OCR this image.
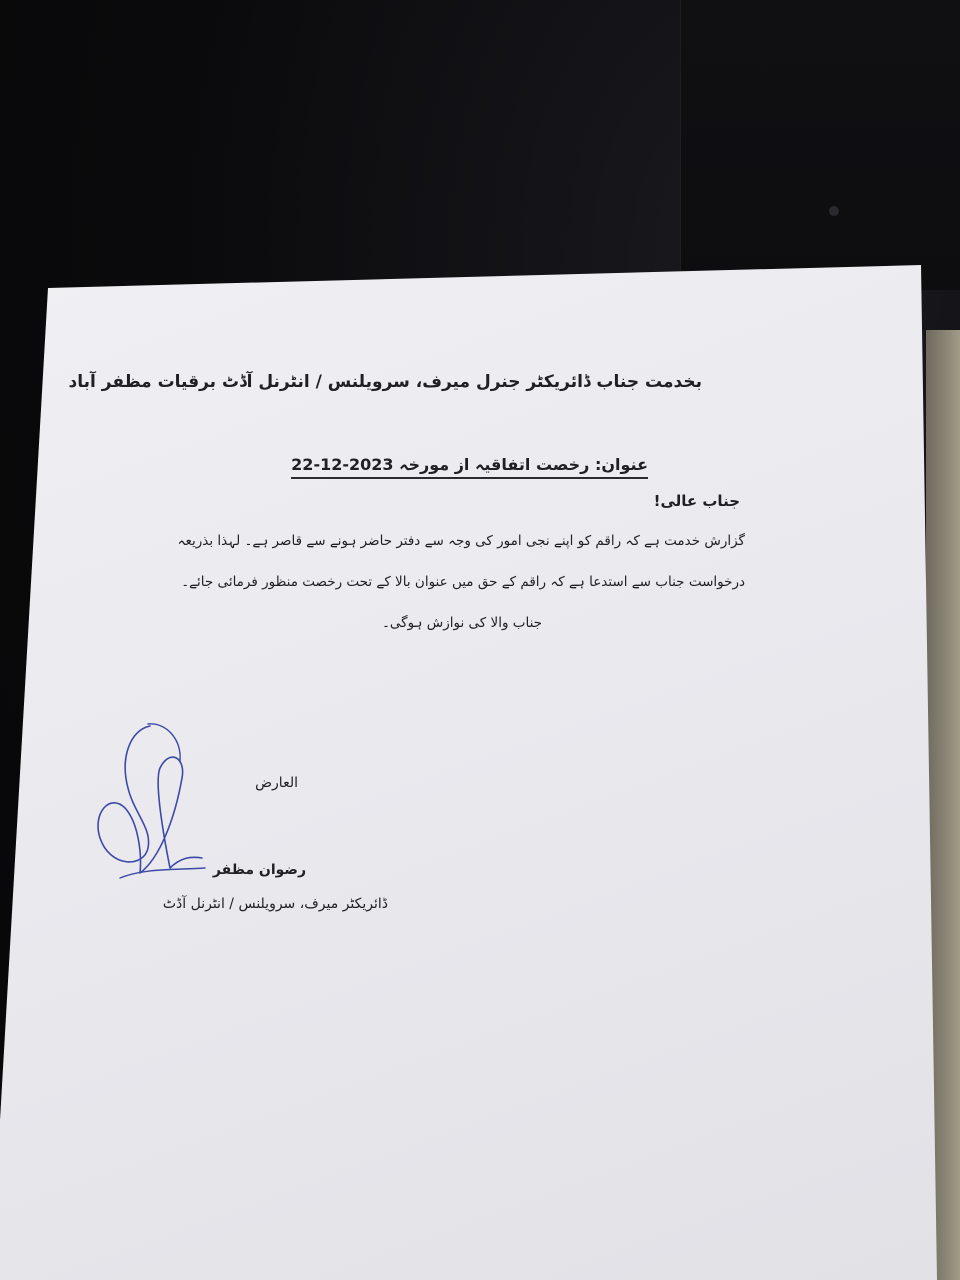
بخدمت جناب ڈائریکٹر جنرل میرف، سرویلنس / انٹرنل آڈٹ برقیات مظفر آباد
عنوان: رخصت اتفاقیہ از مورخہ 2023-12-22
جناب عالی!
گزارش خدمت ہے کہ راقم کو اپنے نجی امور کی وجہ سے دفتر حاضر ہونے سے قاصر ہے۔ لہذا بذریعہ
درخواست جناب سے استدعا ہے کہ راقم کے حق میں عنوان بالا کے تحت رخصت منظور فرمائی جائے۔
جناب والا کی نوازش ہوگی۔
العارض
رضوان مظفر
ڈائریکٹر میرف، سرویلنس / انٹرنل آڈٹ
